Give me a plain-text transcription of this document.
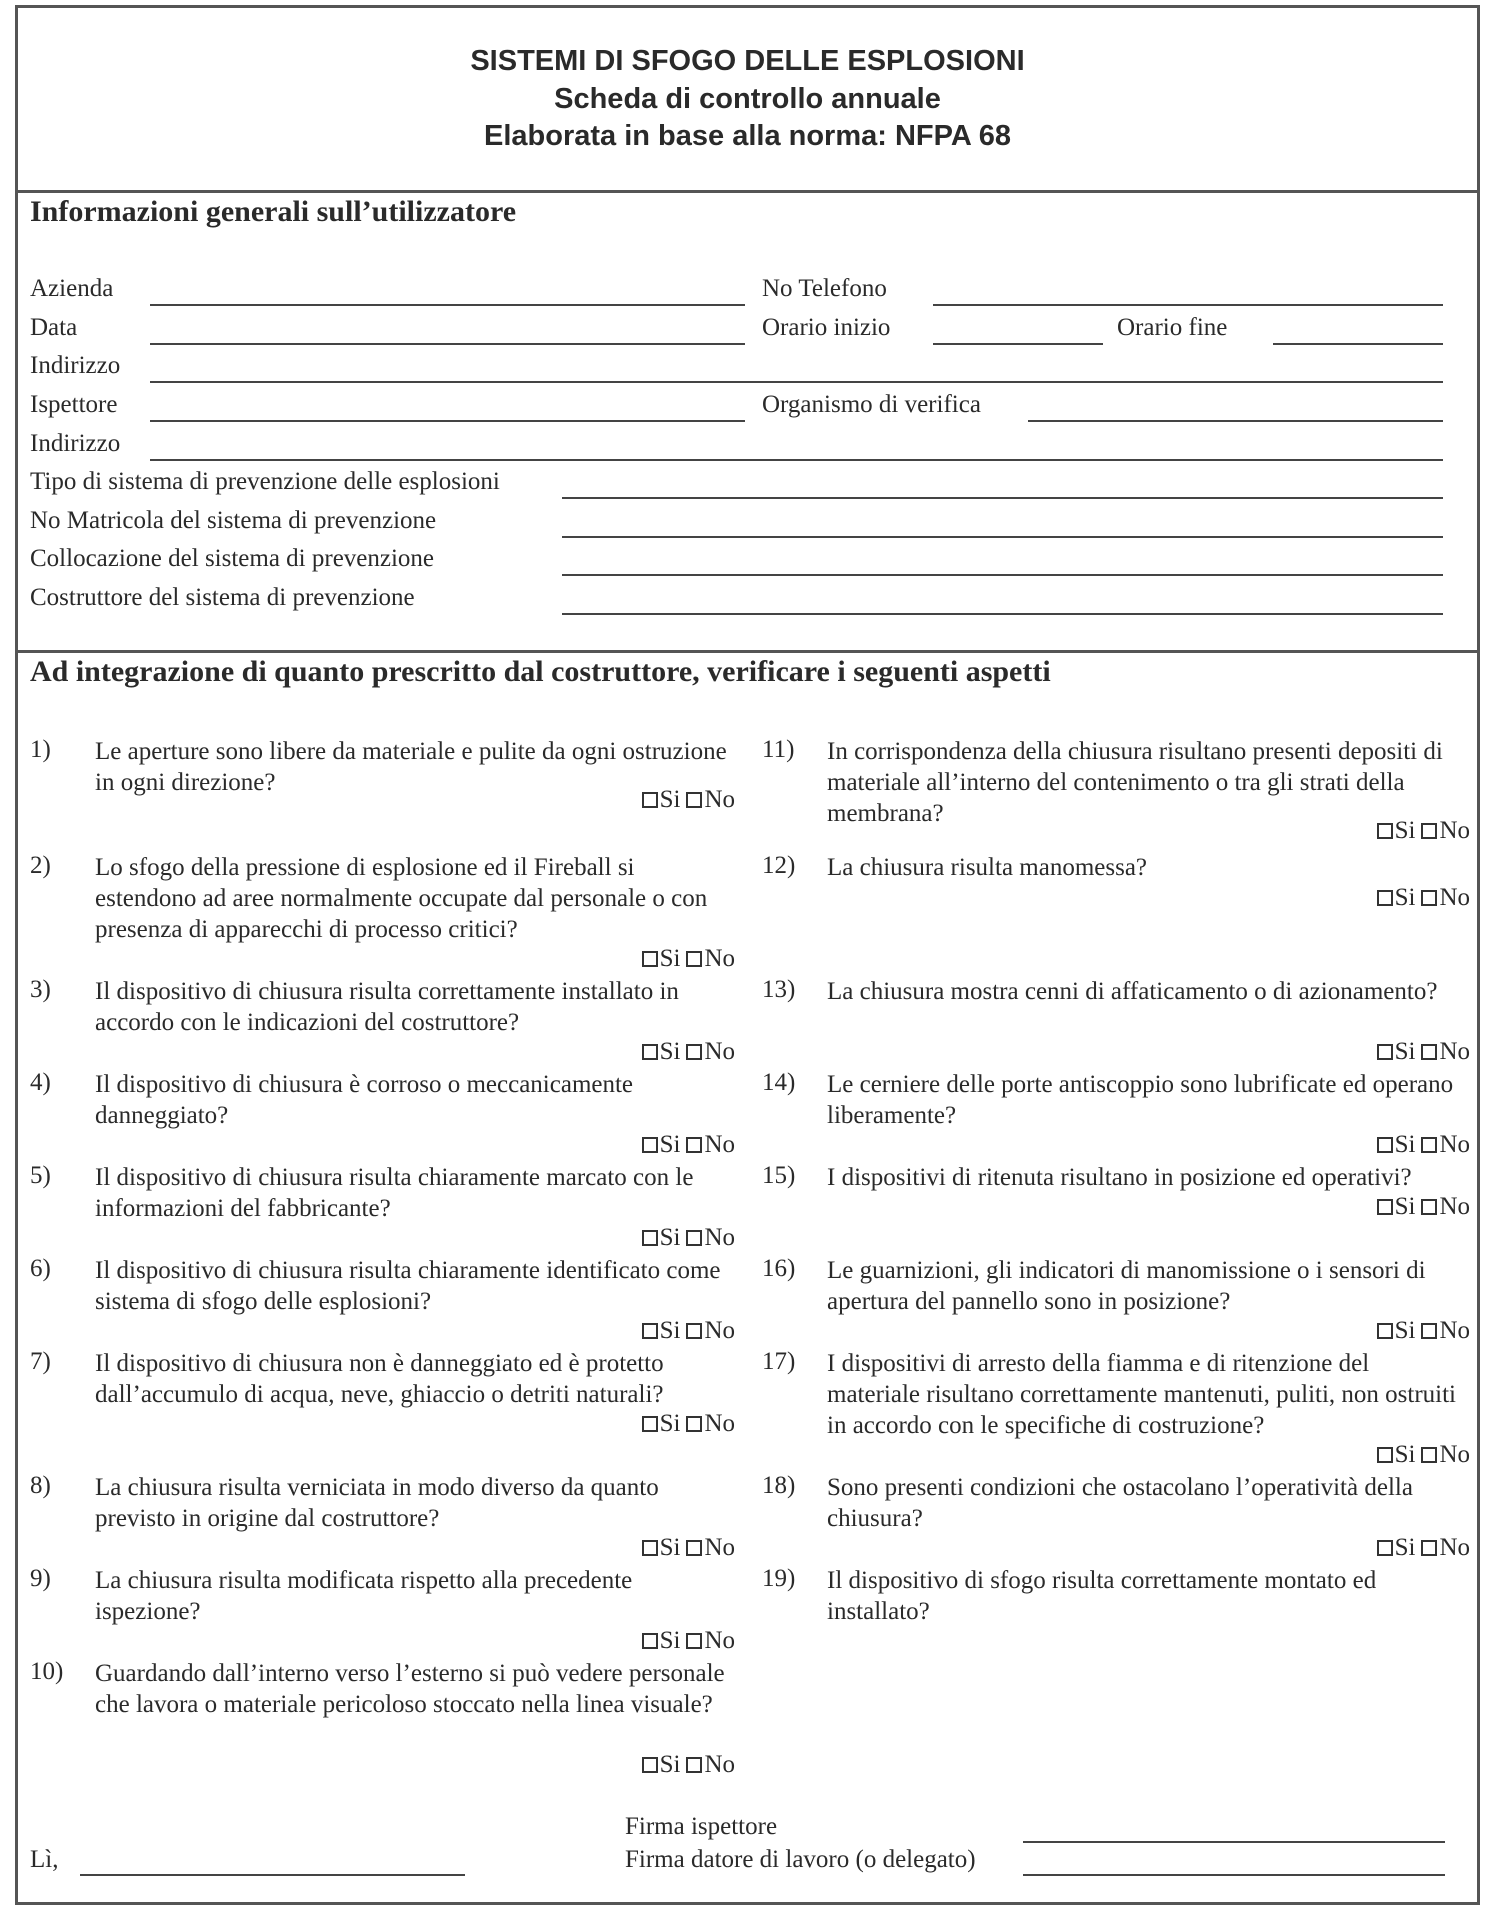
SISTEMI DI SFOGO DELLE ESPLOSIONI
Scheda di controllo annuale
Elaborata in base alla norma: NFPA 68
Informazioni generali sull’utilizzatore
Azienda	No Telefono
Data	Orario inizio	Orario fine
Indirizzo
Ispettore	Organismo di verifica
Indirizzo
Tipo di sistema di prevenzione delle esplosioni
No Matricola del sistema di prevenzione
Collocazione del sistema di prevenzione
Costruttore del sistema di prevenzione
Ad integrazione di quanto prescritto dal costruttore, verificare i seguenti aspetti
1) Le aperture sono libere da materiale e pulite da ogni ostruzione in ogni direzione?
Si No
2) Lo sfogo della pressione di esplosione ed il Fireball si estendono ad aree normalmente occupate dal personale o con presenza di apparecchi di processo critici?
Si No
3) Il dispositivo di chiusura risulta correttamente installato in accordo con le indicazioni del costruttore?
Si No
4) Il dispositivo di chiusura è corroso o meccanicamente danneggiato?
Si No
5) Il dispositivo di chiusura risulta chiaramente marcato con le informazioni del fabbricante?
Si No
6) Il dispositivo di chiusura risulta chiaramente identificato come sistema di sfogo delle esplosioni?
Si No
7) Il dispositivo di chiusura non è danneggiato ed è protetto dall’accumulo di acqua, neve, ghiaccio o detriti naturali?
Si No
8) La chiusura risulta verniciata in modo diverso da quanto previsto in origine dal costruttore?
Si No
9) La chiusura risulta modificata rispetto alla precedente ispezione?
Si No
10) Guardando dall’interno verso l’esterno si può vedere personale che lavora o materiale pericoloso stoccato nella linea visuale?
Si No
11) In corrispondenza della chiusura risultano presenti depositi di materiale all’interno del contenimento o tra gli strati della membrana?
Si No
12) La chiusura risulta manomessa?
Si No
13) La chiusura mostra cenni di affaticamento o di azionamento?
Si No
14) Le cerniere delle porte antiscoppio sono lubrificate ed operano liberamente?
Si No
15) I dispositivi di ritenuta risultano in posizione ed operativi?
Si No
16) Le guarnizioni, gli indicatori di manomissione o i sensori di apertura del pannello sono in posizione?
Si No
17) I dispositivi di arresto della fiamma e di ritenzione del materiale risultano correttamente mantenuti, puliti, non ostruiti in accordo con le specifiche di costruzione?
Si No
18) Sono presenti condizioni che ostacolano l’operatività della chiusura?
Si No
19) Il dispositivo di sfogo risulta correttamente montato ed installato?
Lì,
Firma ispettore
Firma datore di lavoro (o delegato)
